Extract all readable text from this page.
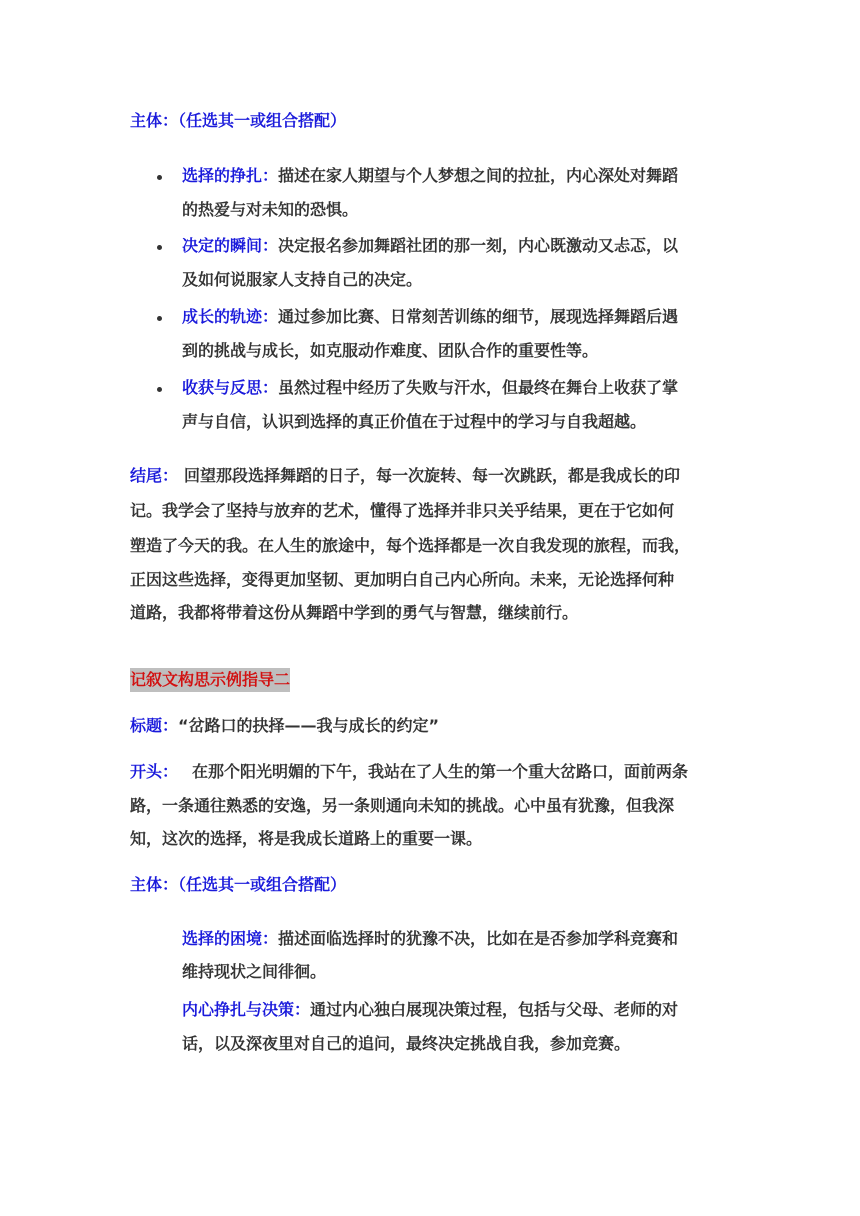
主体：（任选其一或组合搭配）
选择的挣扎：描述在家人期望与个人梦想之间的拉扯，内心深处对舞蹈
的热爱与对未知的恐惧。
决定的瞬间：决定报名参加舞蹈社团的那一刻，内心既激动又忐忑，以
及如何说服家人支持自己的决定。
成长的轨迹：通过参加比赛、日常刻苦训练的细节，展现选择舞蹈后遇
到的挑战与成长，如克服动作难度、团队合作的重要性等。
收获与反思：虽然过程中经历了失败与汗水，但最终在舞台上收获了掌
声与自信，认识到选择的真正价值在于过程中的学习与自我超越。
结尾： 回望那段选择舞蹈的日子，每一次旋转、每一次跳跃，都是我成长的印
记。我学会了坚持与放弃的艺术，懂得了选择并非只关乎结果，更在于它如何
塑造了今天的我。在人生的旅途中，每个选择都是一次自我发现的旅程，而我，
正因这些选择，变得更加坚韧、更加明白自己内心所向。未来，无论选择何种
道路，我都将带着这份从舞蹈中学到的勇气与智慧，继续前行。
记叙文构思示例指导二
标题：“岔路口的抉择——我与成长的约定”
开头： 在那个阳光明媚的下午，我站在了人生的第一个重大岔路口，面前两条
路，一条通往熟悉的安逸，另一条则通向未知的挑战。心中虽有犹豫，但我深
知，这次的选择，将是我成长道路上的重要一课。
主体：（任选其一或组合搭配）
选择的困境：描述面临选择时的犹豫不决，比如在是否参加学科竞赛和
维持现状之间徘徊。
内心挣扎与决策：通过内心独白展现决策过程，包括与父母、老师的对
话，以及深夜里对自己的追问，最终决定挑战自我，参加竞赛。
